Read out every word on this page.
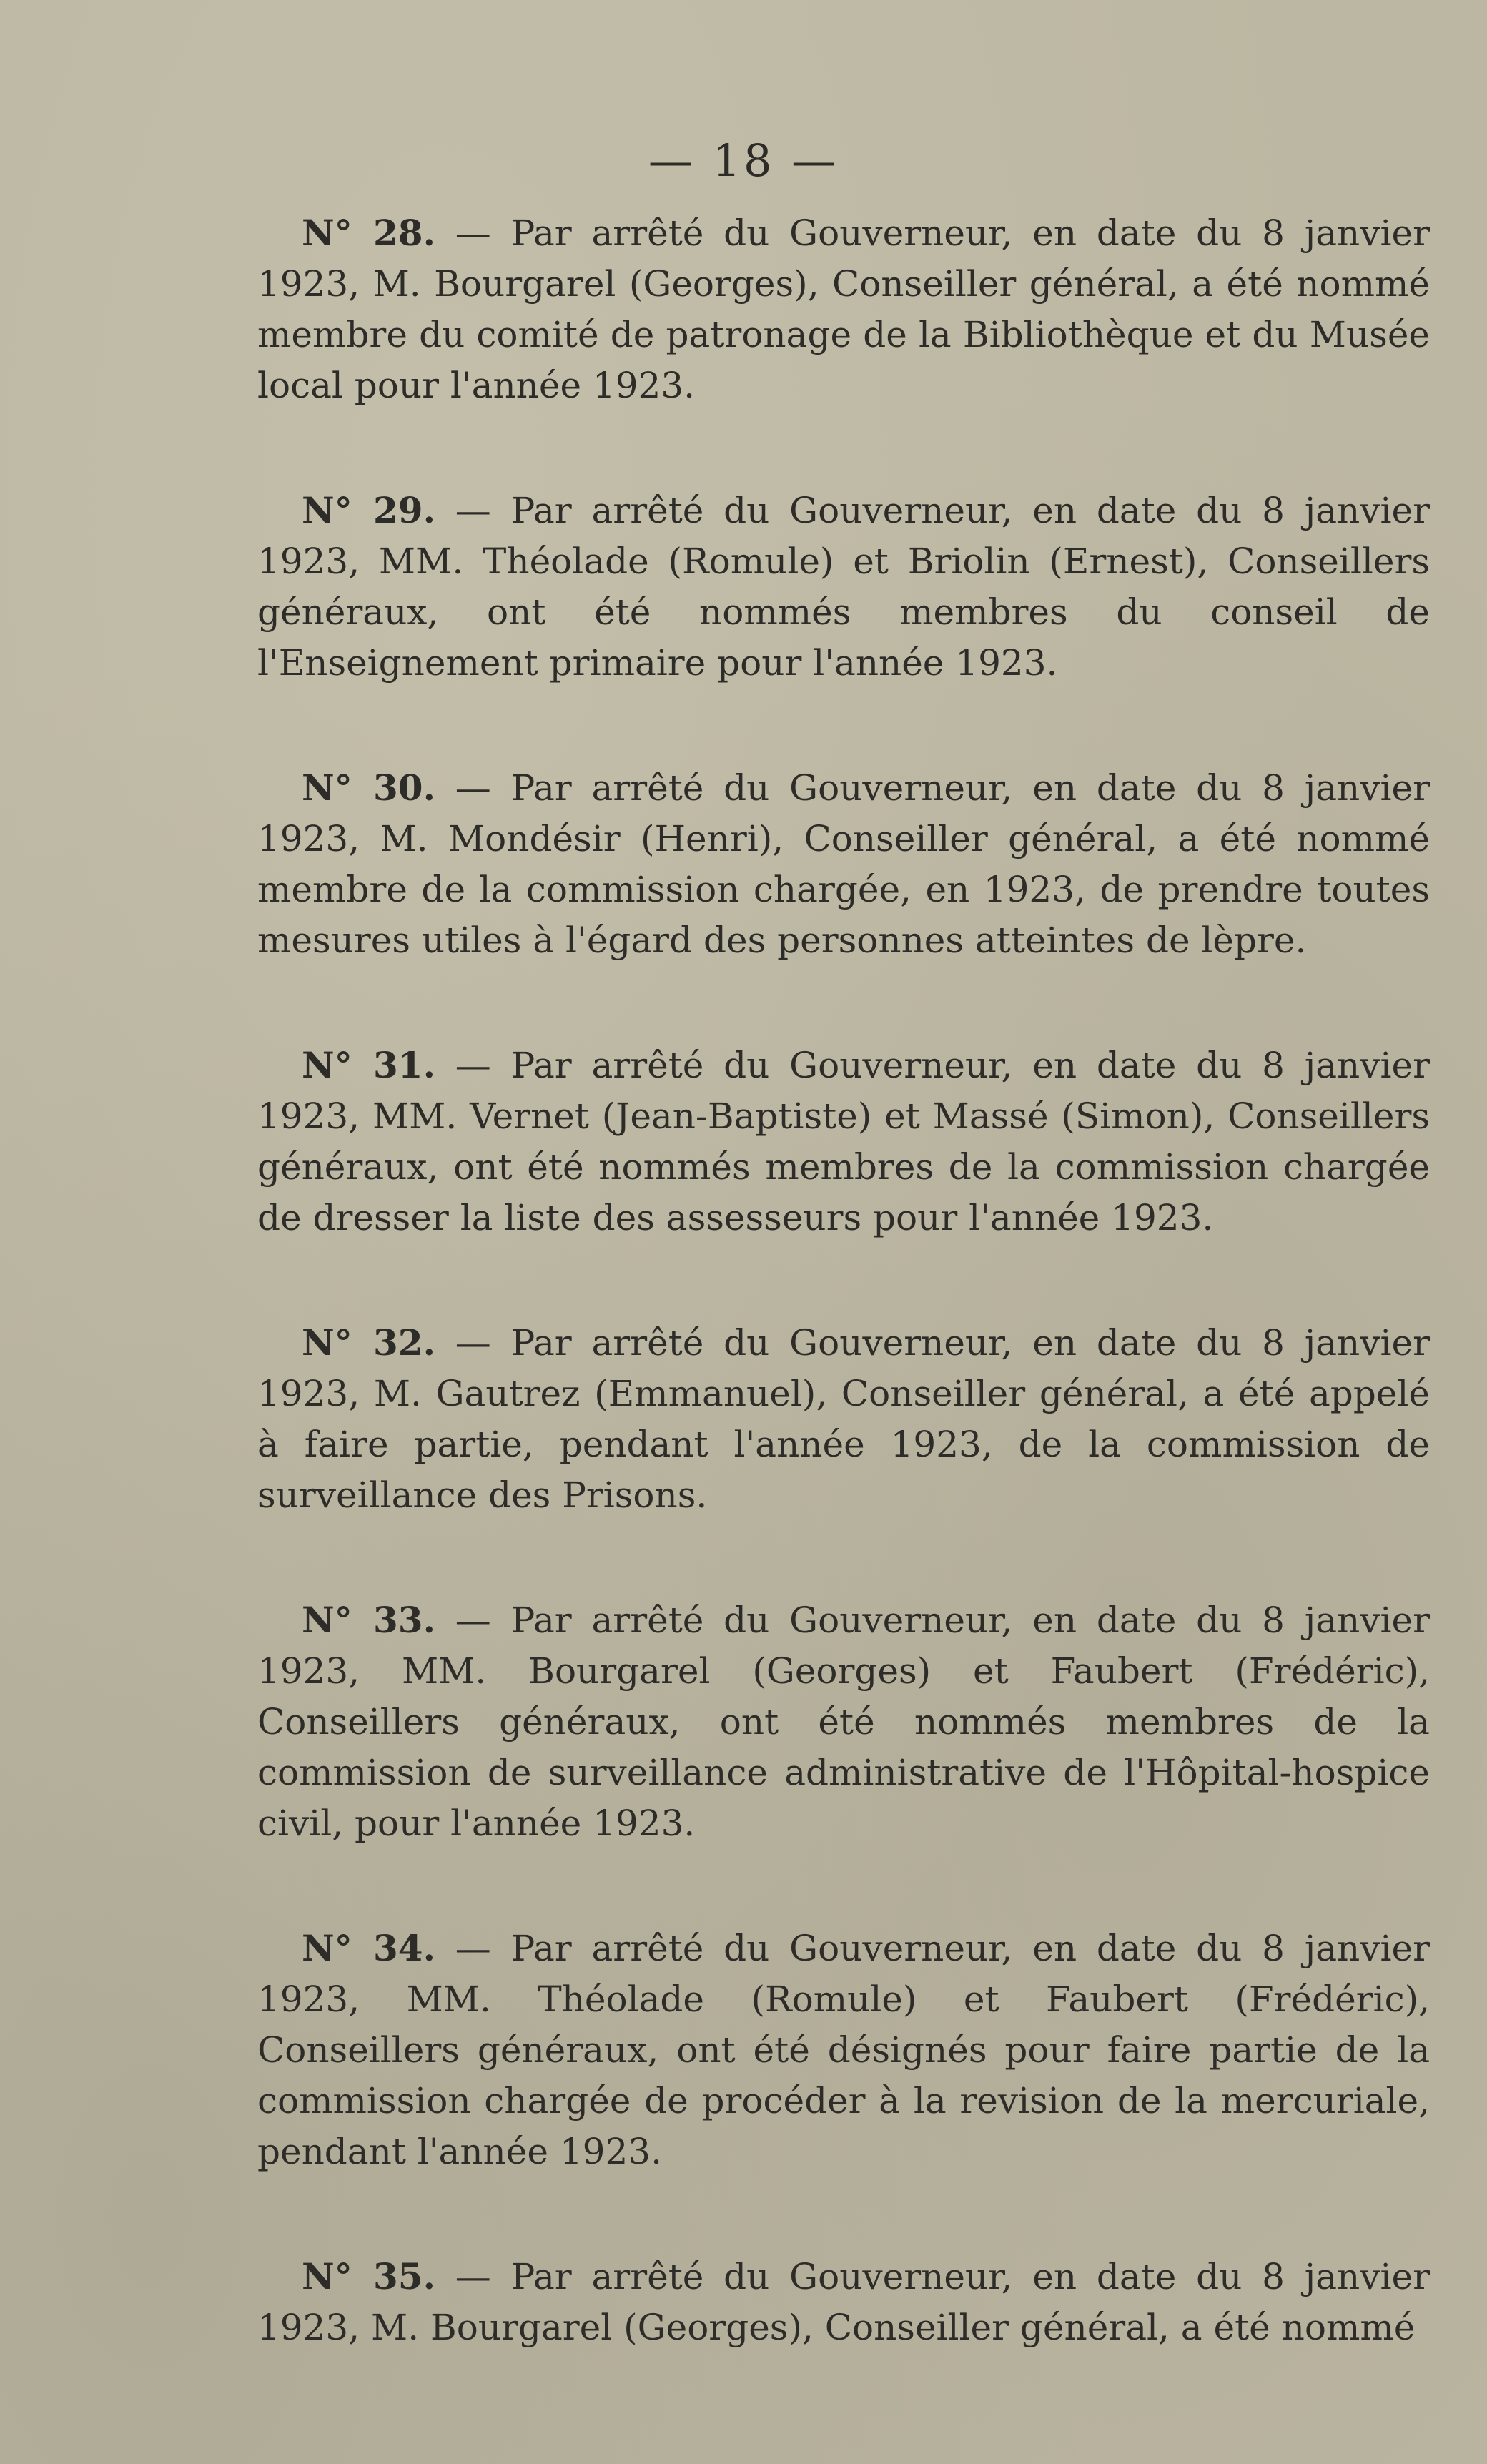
— 18 —

N° 28. — Par arrêté du Gouverneur, en date du 8 janvier 1923, M. Bourgarel (Georges), Conseiller général, a été nommé membre du comité de patronage de la Bibliothèque et du Musée local pour l'année 1923.

N° 29. — Par arrêté du Gouverneur, en date du 8 janvier 1923, MM. Théolade (Romule) et Briolin (Ernest), Conseillers généraux, ont été nommés membres du conseil de l'Enseignement primaire pour l'année 1923.

N° 30. — Par arrêté du Gouverneur, en date du 8 janvier 1923, M. Mondésir (Henri), Conseiller général, a été nommé membre de la commission chargée, en 1923, de prendre toutes mesures utiles à l'égard des personnes atteintes de lèpre.

N° 31. — Par arrêté du Gouverneur, en date du 8 janvier 1923, MM. Vernet (Jean-Baptiste) et Massé (Simon), Conseillers généraux, ont été nommés membres de la commission chargée de dresser la liste des assesseurs pour l'année 1923.

N° 32. — Par arrêté du Gouverneur, en date du 8 janvier 1923, M. Gautrez (Emmanuel), Conseiller général, a été appelé à faire partie, pendant l'année 1923, de la commission de surveillance des Prisons.

N° 33. — Par arrêté du Gouverneur, en date du 8 janvier 1923, MM. Bourgarel (Georges) et Faubert (Frédéric), Conseillers généraux, ont été nommés membres de la commission de surveillance administrative de l'Hôpital-hospice civil, pour l'année 1923.

N° 34. — Par arrêté du Gouverneur, en date du 8 janvier 1923, MM. Théolade (Romule) et Faubert (Frédéric), Conseillers généraux, ont été désignés pour faire partie de la commission chargée de procéder à la revision de la mercuriale, pendant l'année 1923.

N° 35. — Par arrêté du Gouverneur, en date du 8 janvier 1923, M. Bourgarel (Georges), Conseiller général, a été nommé
